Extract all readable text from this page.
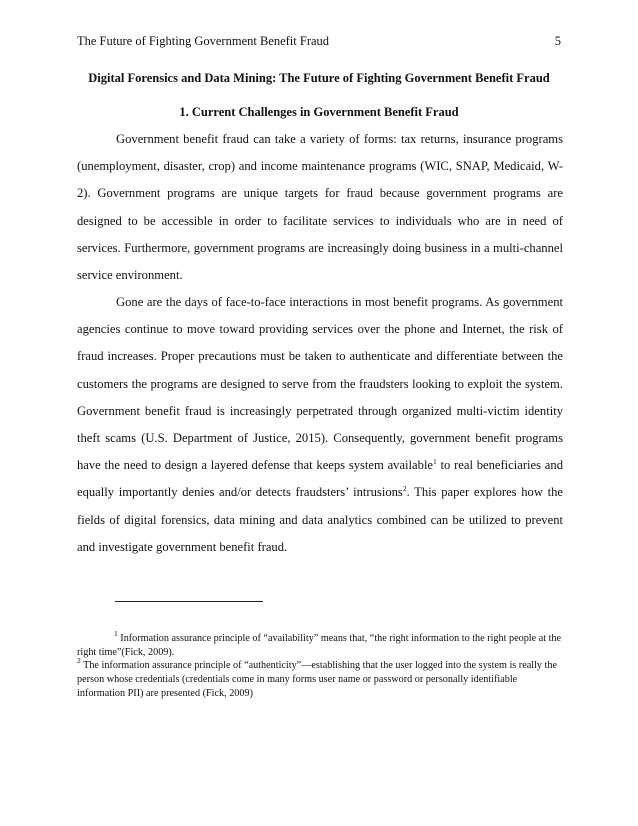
The Future of Fighting Government Benefit Fraud	5
Digital Forensics and Data Mining: The Future of Fighting Government Benefit Fraud
1. Current Challenges in Government Benefit Fraud

Government benefit fraud can take a variety of forms: tax returns, insurance programs (unemployment, disaster, crop) and income maintenance programs (WIC, SNAP, Medicaid, W-2). Government programs are unique targets for fraud because government programs are designed to be accessible in order to facilitate services to individuals who are in need of services. Furthermore, government programs are increasingly doing business in a multi-channel service environment.

Gone are the days of face-to-face interactions in most benefit programs. As government agencies continue to move toward providing services over the phone and Internet, the risk of fraud increases. Proper precautions must be taken to authenticate and differentiate between the customers the programs are designed to serve from the fraudsters looking to exploit the system. Government benefit fraud is increasingly perpetrated through organized multi-victim identity theft scams (U.S. Department of Justice, 2015). Consequently, government benefit programs have the need to design a layered defense that keeps system available$^1$ to real beneficiaries and equally importantly denies and/or detects fraudsters’ intrusions$^2$. This paper explores how the fields of digital forensics, data mining and data analytics combined can be utilized to prevent and investigate government benefit fraud.

$^1$ Information assurance principle of “availability” means that, “the right information to the right people at the right time”(Fick, 2009).

$^2$ The information assurance principle of “authenticity”—establishing that the user logged into the system is really the person whose credentials (credentials come in many forms user name or password or personally identifiable information PII) are presented (Fick, 2009)
